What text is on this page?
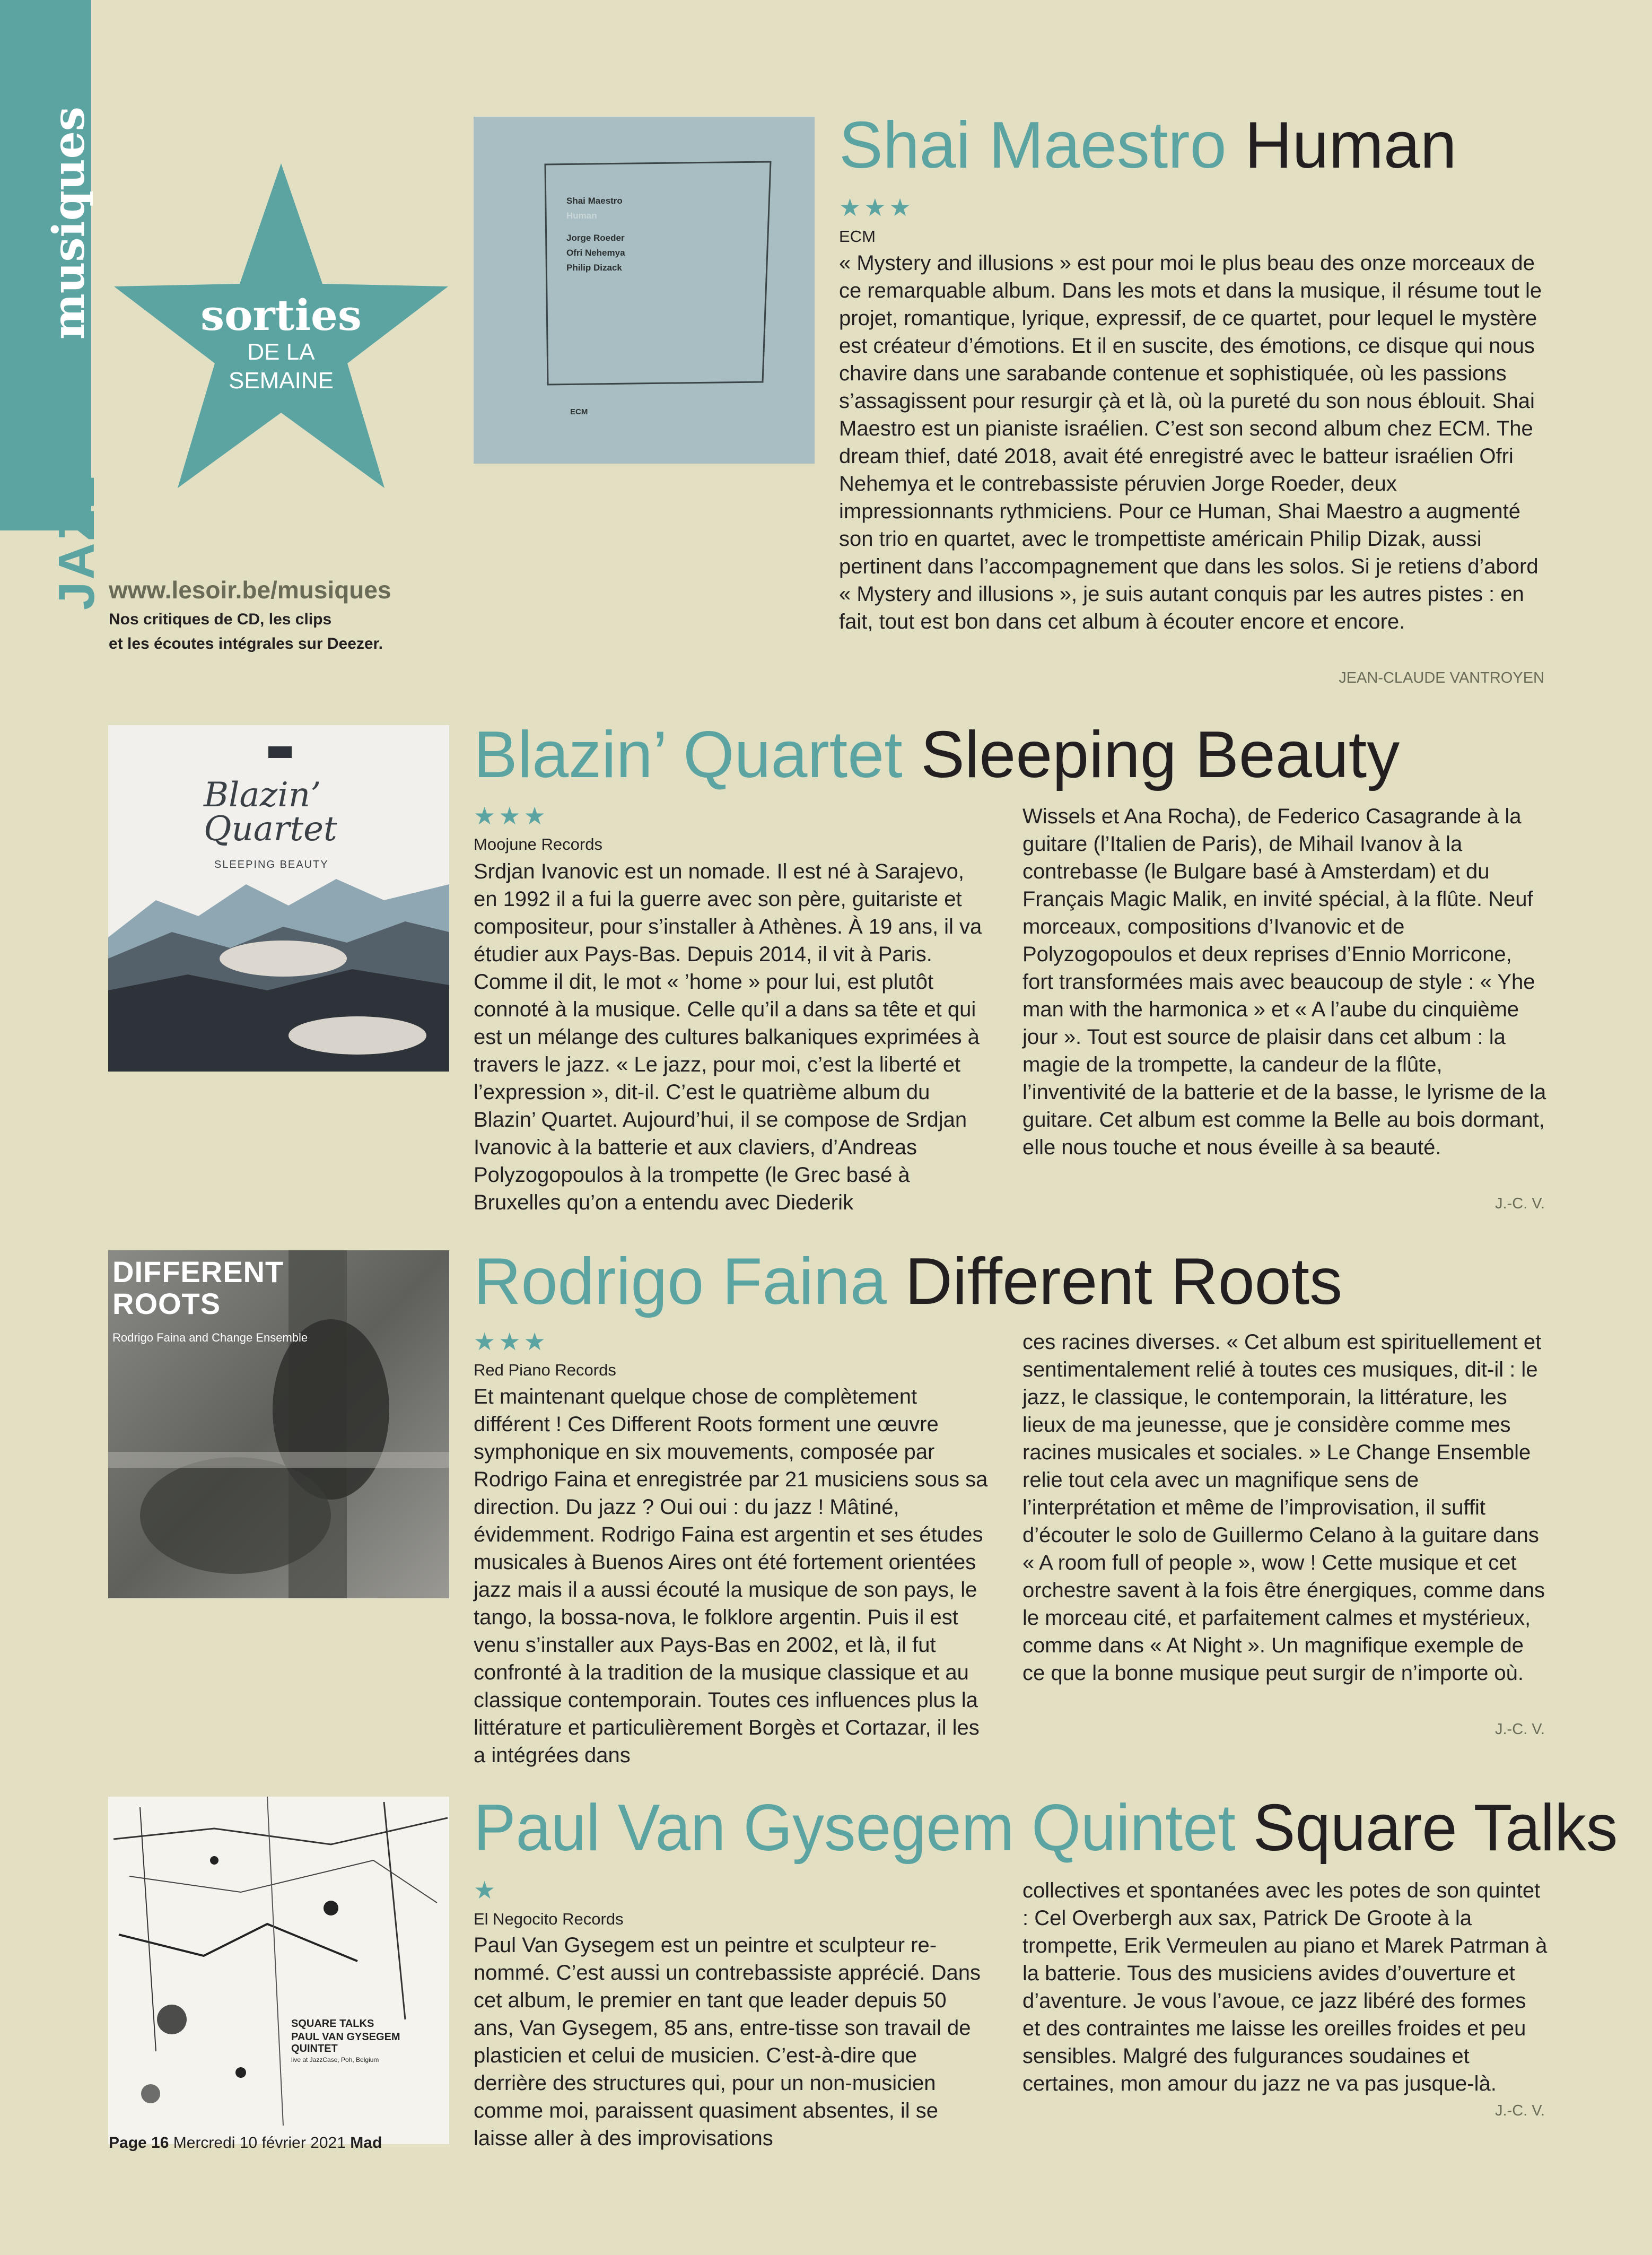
musiques
JAZZ
sorties
DE LA
SEMAINE
www.lesoir.be/musiques
Nos critiques de CD, les clips
et les écoutes intégrales sur Deezer.
Shai Maestro
Human
Jorge Roeder
Ofri Nehemya
Philip Dizack
ECM
Shai Maestro Human
★★★
ECM

« Mystery and illusions » est pour moi le plus beau des onze morceaux de ce remarquable album. Dans les mots et dans la musique, il résume tout le projet, romantique, lyrique, expressif, de ce quartet, pour lequel le mystère est créateur d’émotions. Et il en suscite, des émotions, ce disque qui nous chavire dans une sarabande contenue et sophistiquée, où les passions s’assagissent pour resurgir çà et là, où la pureté du son nous éblouit. Shai Maestro est un pianiste israélien. C’est son second album chez ECM. The dream thief, daté 2018, avait été enregistré avec le batteur israélien Ofri Nehemya et le contrebassiste péruvien Jorge Roeder, deux impressionnants rythmiciens. Pour ce Human, Shai Maestro a augmenté son trio en quartet, avec le trompettiste américain Philip Dizak, aussi pertinent dans l’accompagnement que dans les solos. Si je retiens d’abord « Mystery and illusions », je suis autant conquis par les autres pistes : en fait, tout est bon dans cet album à écouter encore et encore.

JEAN-CLAUDE VANTROYEN
Blazin’ Quartet
SLEEPING BEAUTY
Blazin’ Quartet Sleeping Beauty
★★★
Moojune Records

Srdjan Ivanovic est un nomade. Il est né à Sarajevo, en 1992 il a fui la guerre avec son père, guitariste et compositeur, pour s’installer à Athènes. À 19 ans, il va étudier aux Pays-Bas. Depuis 2014, il vit à Paris. Comme il dit, le mot « ’home » pour lui, est plutôt connoté à la musique. Celle qu’il a dans sa tête et qui est un mélange des cultures balkaniques exprimées à travers le jazz. « Le jazz, pour moi, c’est la liberté et l’expression », dit-il. C’est le quatrième album du Blazin’ Quartet. Aujourd’hui, il se compose de Srdjan Ivanovic à la batterie et aux claviers, d’Andreas Polyzogopoulos à la trompette (le Grec basé à Bruxelles qu’on a entendu avec Diederik

Wissels et Ana Rocha), de Federico Casagrande à la guitare (l’Italien de Paris), de Mihail Ivanov à la contrebasse (le Bulgare basé à Amsterdam) et du Français Magic Malik, en invité spécial, à la flûte. Neuf morceaux, compositions d’Ivanovic et de Polyzogopoulos et deux reprises d’Ennio Morricone, fort transformées mais avec beaucoup de style : « Yhe man with the harmonica » et « A l’aube du cinquième jour ». Tout est source de plaisir dans cet album : la magie de la trompette, la candeur de la flûte, l’inventivité de la batterie et de la basse, le lyrisme de la guitare. Cet album est comme la Belle au bois dormant, elle nous touche et nous éveille à sa beauté.

J.-C. V.
DIFFERENT
ROOTS
Rodrigo Faina and Change Ensemble
Rodrigo Faina Different Roots
★★★
Red Piano Records

Et maintenant quelque chose de complètement différent ! Ces Different Roots forment une œuvre symphonique en six mouvements, composée par Rodrigo Faina et enregistrée par 21 musiciens sous sa direction. Du jazz ? Oui oui : du jazz ! Mâtiné, évidemment. Rodrigo Faina est argentin et ses études musicales à Buenos Aires ont été fortement orientées jazz mais il a aussi écouté la musique de son pays, le tango, la bossa-nova, le folklore argentin. Puis il est venu s’installer aux Pays-Bas en 2002, et là, il fut confronté à la tradition de la musique classique et au classique contemporain. Toutes ces influences plus la littérature et particulièrement Borgès et Cortazar, il les a intégrées dans

ces racines diverses. « Cet album est spirituellement et sentimentalement relié à toutes ces musiques, dit-il : le jazz, le classique, le contemporain, la littérature, les lieux de ma jeunesse, que je considère comme mes racines musicales et sociales. » Le Change Ensemble relie tout cela avec un magnifique sens de l’interprétation et même de l’improvisation, il suffit d’écouter le solo de Guillermo Celano à la guitare dans « A room full of people », wow ! Cette musique et cet orchestre savent à la fois être énergiques, comme dans le morceau cité, et parfaitement calmes et mystérieux, comme dans « At Night ». Un magnifique exemple de ce que la bonne musique peut surgir de n’importe où.

J.-C. V.
SQUARE TALKS
PAUL VAN GYSEGEM
QUINTET
live at JazzCase, Poh, Belgium
Paul Van Gysegem Quintet Square Talks
★
El Negocito Records

Paul Van Gysegem est un peintre et sculpteur renommé. C’est aussi un contrebassiste apprécié. Dans cet album, le premier en tant que leader depuis 50 ans, Van Gysegem, 85 ans, entre-tisse son travail de plasticien et celui de musicien. C’est-à-dire que derrière des structures qui, pour un non-musicien comme moi, paraissent quasiment absentes, il se laisse aller à des improvisations

collectives et spontanées avec les potes de son quintet : Cel Overbergh aux sax, Patrick De Groote à la trompette, Erik Vermeulen au piano et Marek Patrman à la batterie. Tous des musiciens avides d’ouverture et d’aventure. Je vous l’avoue, ce jazz libéré des formes et des contraintes me laisse les oreilles froides et peu sensibles. Malgré des fulgurances soudaines et certaines, mon amour du jazz ne va pas jusque-là.

J.-C. V.
Page 16 Mercredi 10 février 2021 Mad
